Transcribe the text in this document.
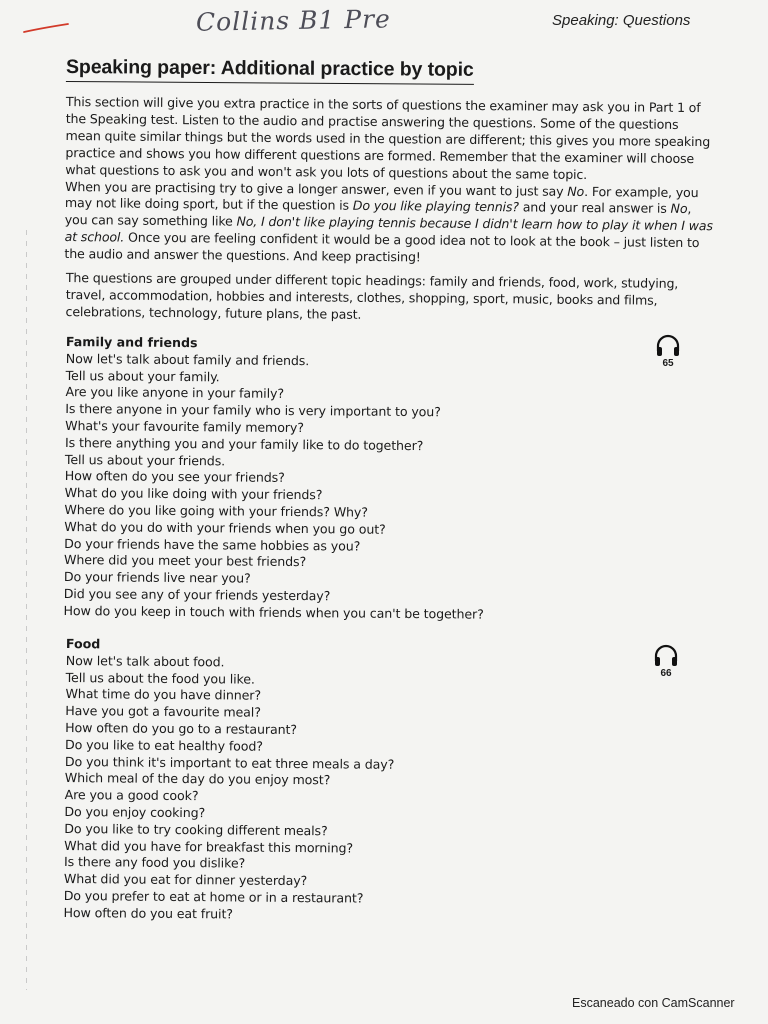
Collins B1 Pre	Speaking: Questions
Speaking paper: Additional practice by topic
This section will give you extra practice in the sorts of questions the examiner may ask you in Part 1 of the Speaking test. Listen to the audio and practise answering the questions. Some of the questions mean quite similar things but the words used in the question are different; this gives you more speaking practice and shows you how different questions are formed. Remember that the examiner will choose what questions to ask you and won't ask you lots of questions about the same topic.
When you are practising try to give a longer answer, even if you want to just say No. For example, you may not like doing sport, but if the question is Do you like playing tennis? and your real answer is No, you can say something like No, I don't like playing tennis because I didn't learn how to play it when I was at school. Once you are feeling confident it would be a good idea not to look at the book – just listen to the audio and answer the questions. And keep practising!

The questions are grouped under different topic headings: family and friends, food, work, studying, travel, accommodation, hobbies and interests, clothes, shopping, sport, music, books and films, celebrations, technology, future plans, the past.

Family and friends
Now let's talk about family and friends.
Tell us about your family.
Are you like anyone in your family?
Is there anyone in your family who is very important to you?
What's your favourite family memory?
Is there anything you and your family like to do together?
Tell us about your friends.
How often do you see your friends?
What do you like doing with your friends?
Where do you like going with your friends? Why?
What do you do with your friends when you go out?
Do your friends have the same hobbies as you?
Where did you meet your best friends?
Do your friends live near you?
Did you see any of your friends yesterday?
How do you keep in touch with friends when you can't be together?
65
Food
Now let's talk about food.
Tell us about the food you like.
What time do you have dinner?
Have you got a favourite meal?
How often do you go to a restaurant?
Do you like to eat healthy food?
Do you think it's important to eat three meals a day?
Which meal of the day do you enjoy most?
Are you a good cook?
Do you enjoy cooking?
Do you like to try cooking different meals?
What did you have for breakfast this morning?
Is there any food you dislike?
What did you eat for dinner yesterday?
Do you prefer to eat at home or in a restaurant?
How often do you eat fruit?
66
Escaneado con CamScanner
